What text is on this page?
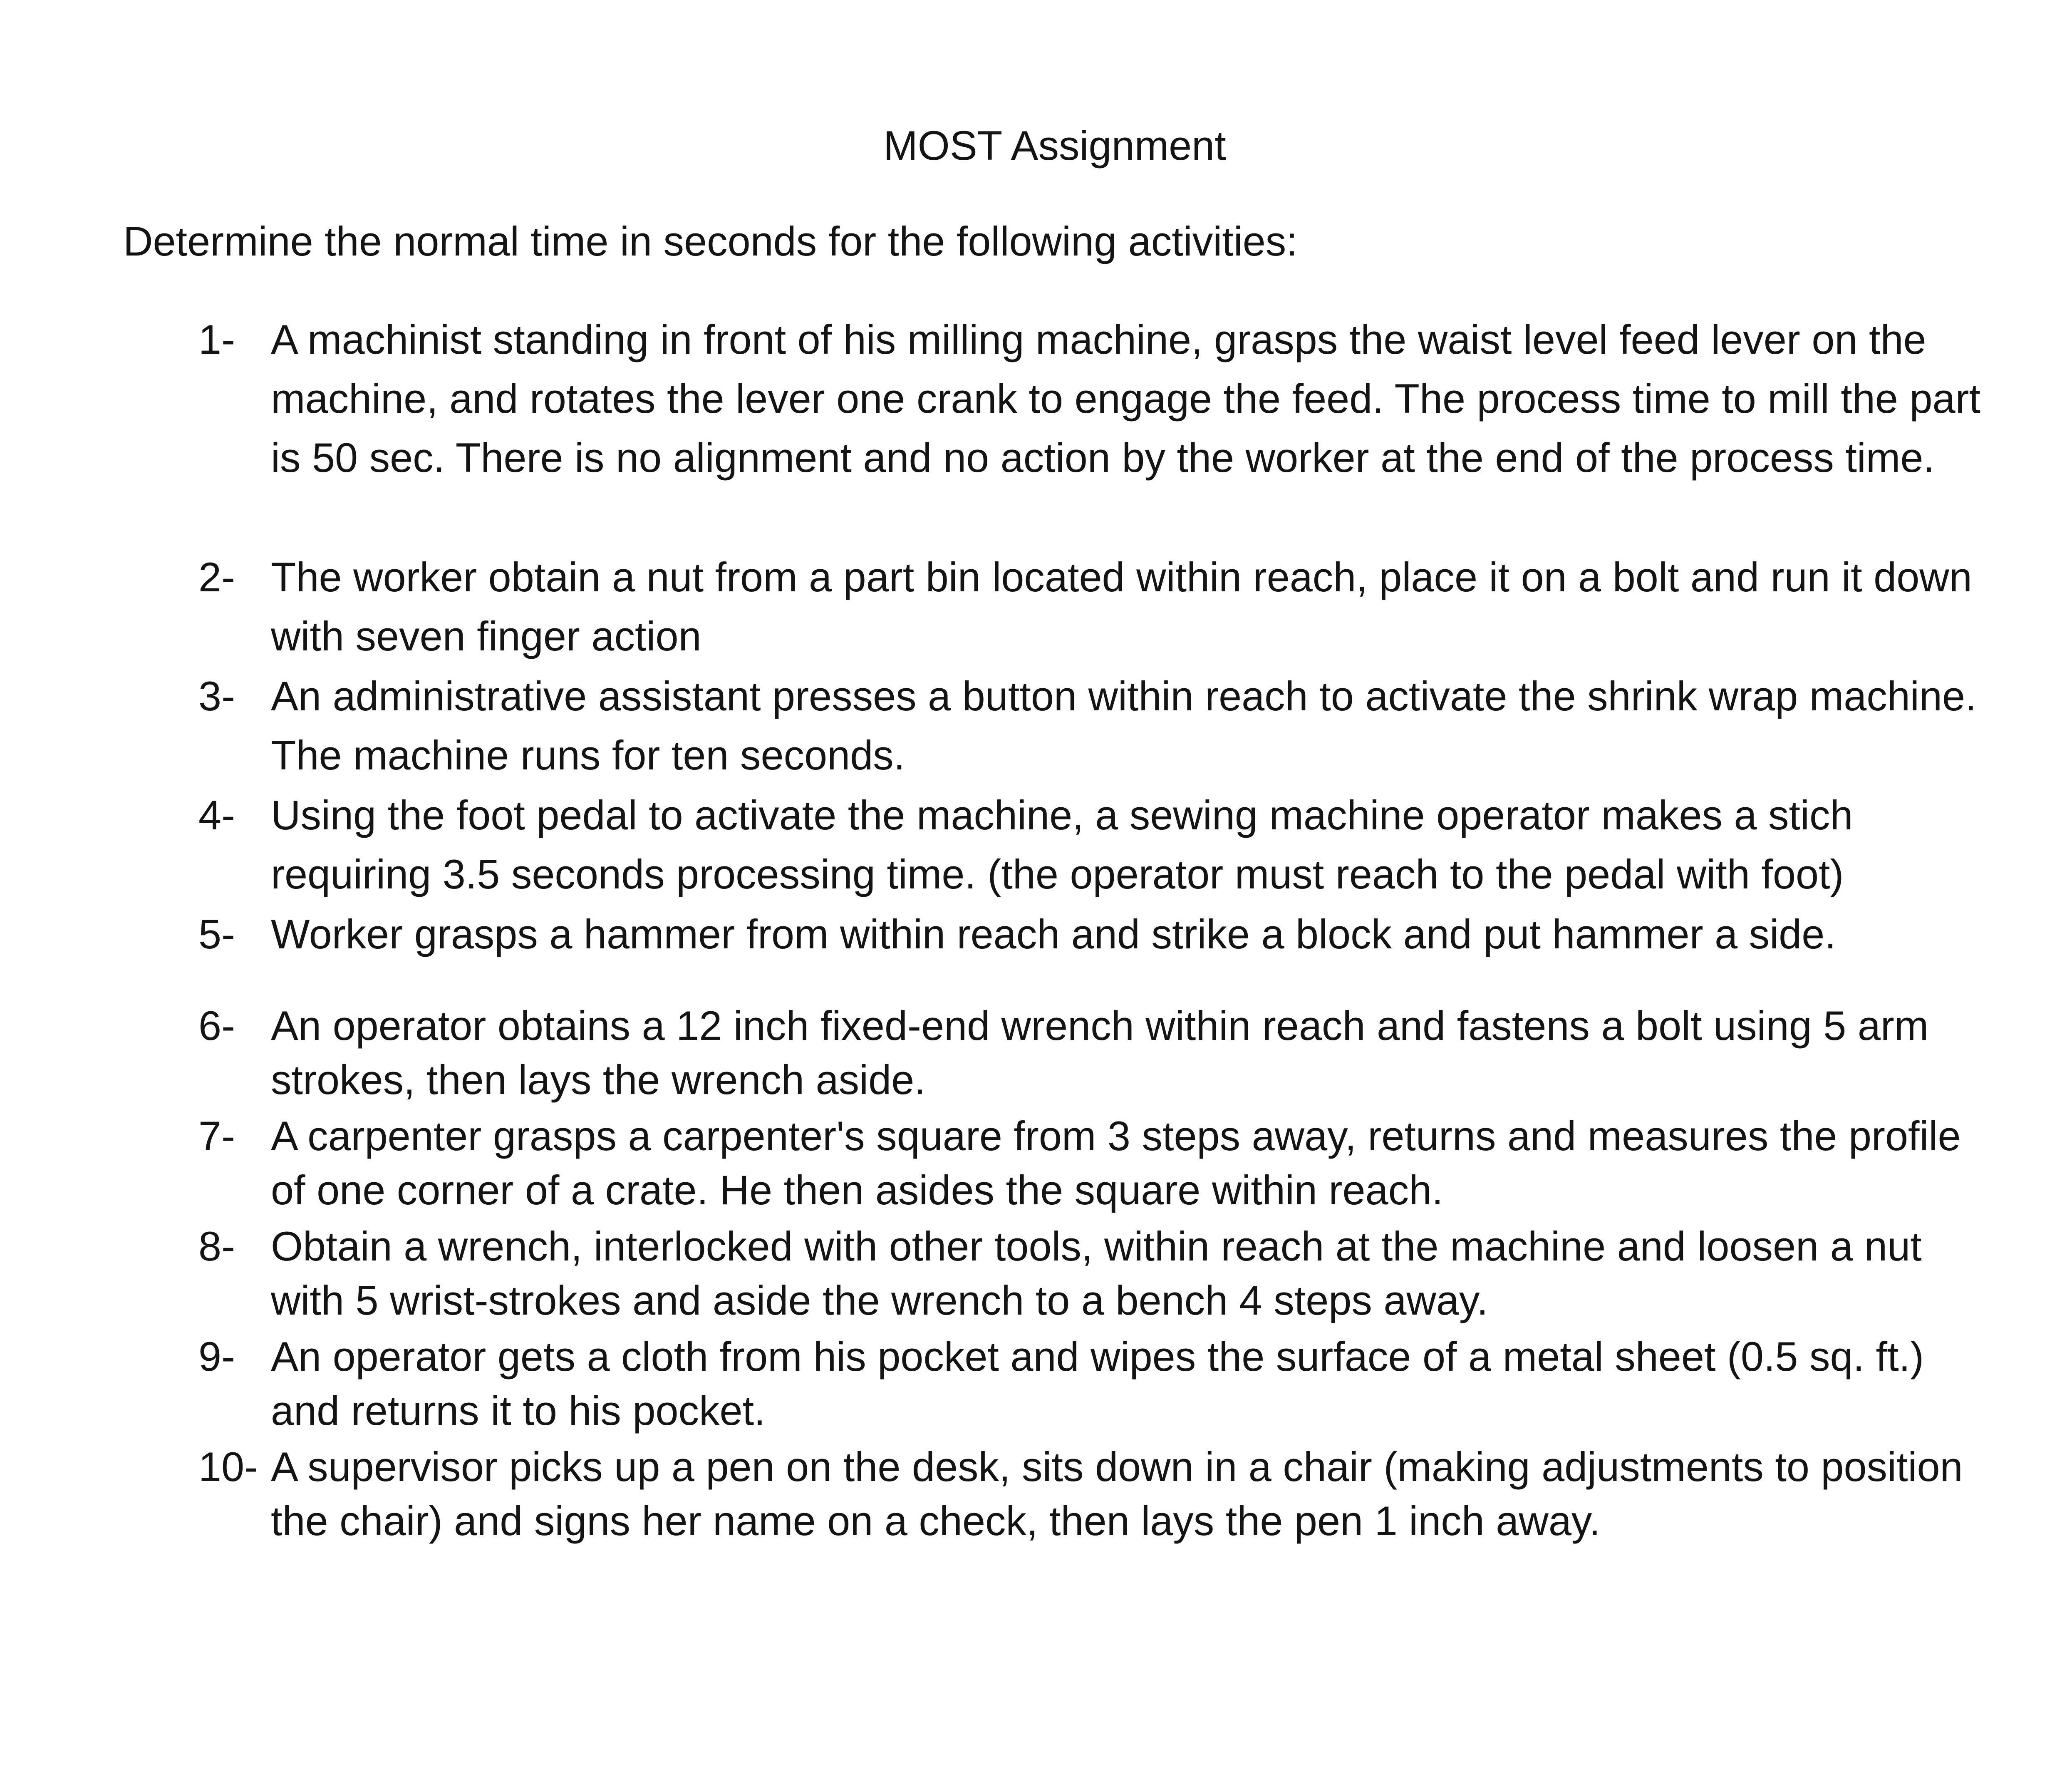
MOST Assignment
Determine the normal time in seconds for the following activities:
1- A machinist standing in front of his milling machine, grasps the waist level feed lever on the machine, and rotates the lever one crank to engage the feed. The process time to mill the part is 50 sec. There is no alignment and no action by the worker at the end of the process time.
2- The worker obtain a nut from a part bin located within reach, place it on a bolt and run it down with seven finger action
3- An administrative assistant presses a button within reach to activate the shrink wrap machine. The machine runs for ten seconds.
4- Using the foot pedal to activate the machine, a sewing machine operator makes a stich requiring 3.5 seconds processing time. (the operator must reach to the pedal with foot)
5- Worker grasps a hammer from within reach and strike a block and put hammer a side.
6- An operator obtains a 12 inch fixed-end wrench within reach and fastens a bolt using 5 arm strokes, then lays the wrench aside.
7- A carpenter grasps a carpenter's square from 3 steps away, returns and measures the profile of one corner of a crate. He then asides the square within reach.
8- Obtain a wrench, interlocked with other tools, within reach at the machine and loosen a nut with 5 wrist-strokes and aside the wrench to a bench 4 steps away.
9- An operator gets a cloth from his pocket and wipes the surface of a metal sheet (0.5 sq. ft.) and returns it to his pocket.
10- A supervisor picks up a pen on the desk, sits down in a chair (making adjustments to position the chair) and signs her name on a check, then lays the pen 1 inch away.
